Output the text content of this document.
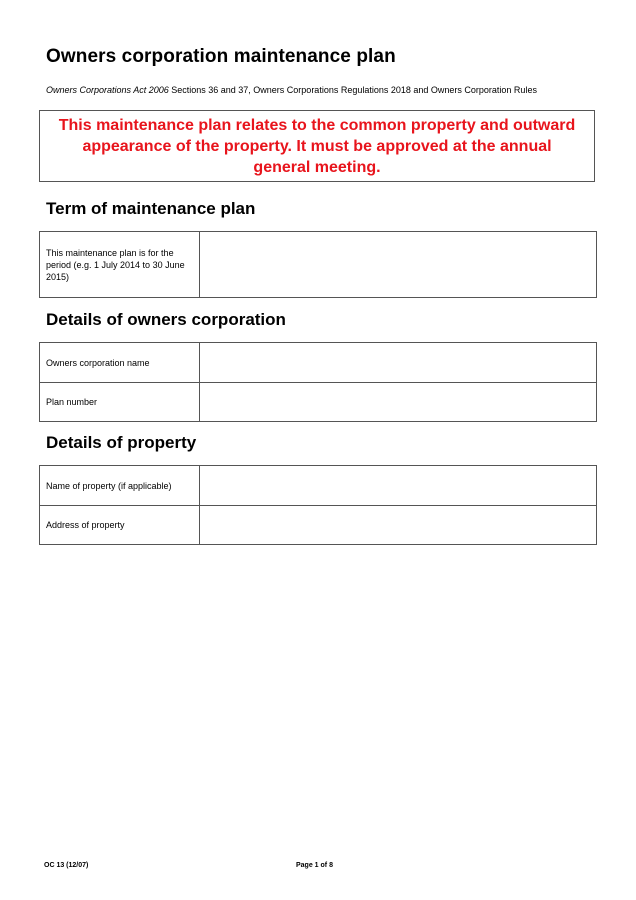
Owners corporation maintenance plan

Owners Corporations Act 2006 Sections 36 and 37, Owners Corporations Regulations 2018 and Owners Corporation Rules

This maintenance plan relates to the common property and outward appearance of the property. It must be approved at the annual general meeting.
Term of maintenance plan
This maintenance plan is for the period (e.g. 1 July 2014 to 30 June 2015)	
Details of owners corporation
Owners corporation name	
Plan number	
Details of property
Name of property (if applicable)	
Address of property	
OC 13 (12/07)	Page 1 of 8
